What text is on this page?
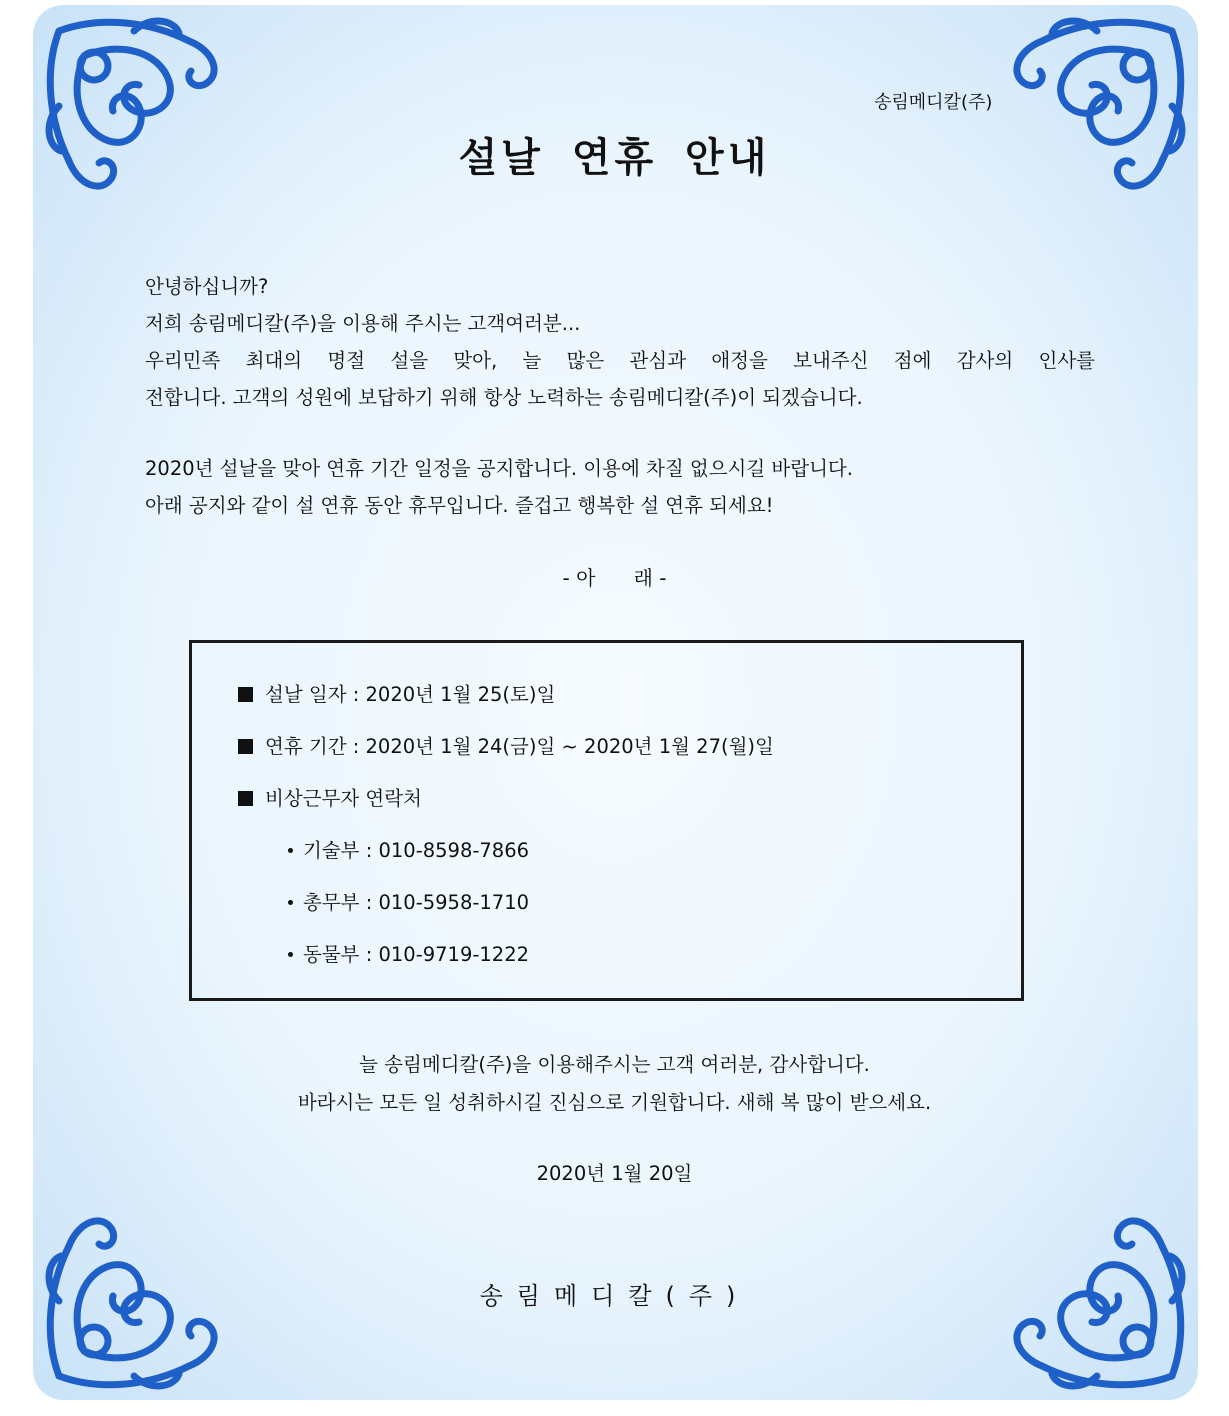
송림메디칼(주)
설날 연휴 안내
안녕하십니까?
저희 송림메디칼(주)을 이용해 주시는 고객여러분...
우리민족 최대의 명절 설을 맞아, 늘 많은 관심과 애정을 보내주신 점에 감사의 인사를
전합니다. 고객의 성원에 보답하기 위해 항상 노력하는 송림메디칼(주)이 되겠습니다.
2020년 설날을 맞아 연휴 기간 일정을 공지합니다. 이용에 차질 없으시길 바랍니다.
아래 공지와 같이 설 연휴 동안 휴무입니다. 즐겁고 행복한 설 연휴 되세요!
- 아      래 -
설날 일자 : 2020년 1월 25(토)일
연휴 기간 : 2020년 1월 24(금)일 ~ 2020년 1월 27(월)일
비상근무자 연락처
기술부 : 010-8598-7866
총무부 : 010-5958-1710
동물부 : 010-9719-1222
늘 송림메디칼(주)을 이용해주시는 고객 여러분, 감사합니다.
바라시는 모든 일 성취하시길 진심으로 기원합니다. 새해 복 많이 받으세요.
2020년 1월 20일
송림메디칼(주)
